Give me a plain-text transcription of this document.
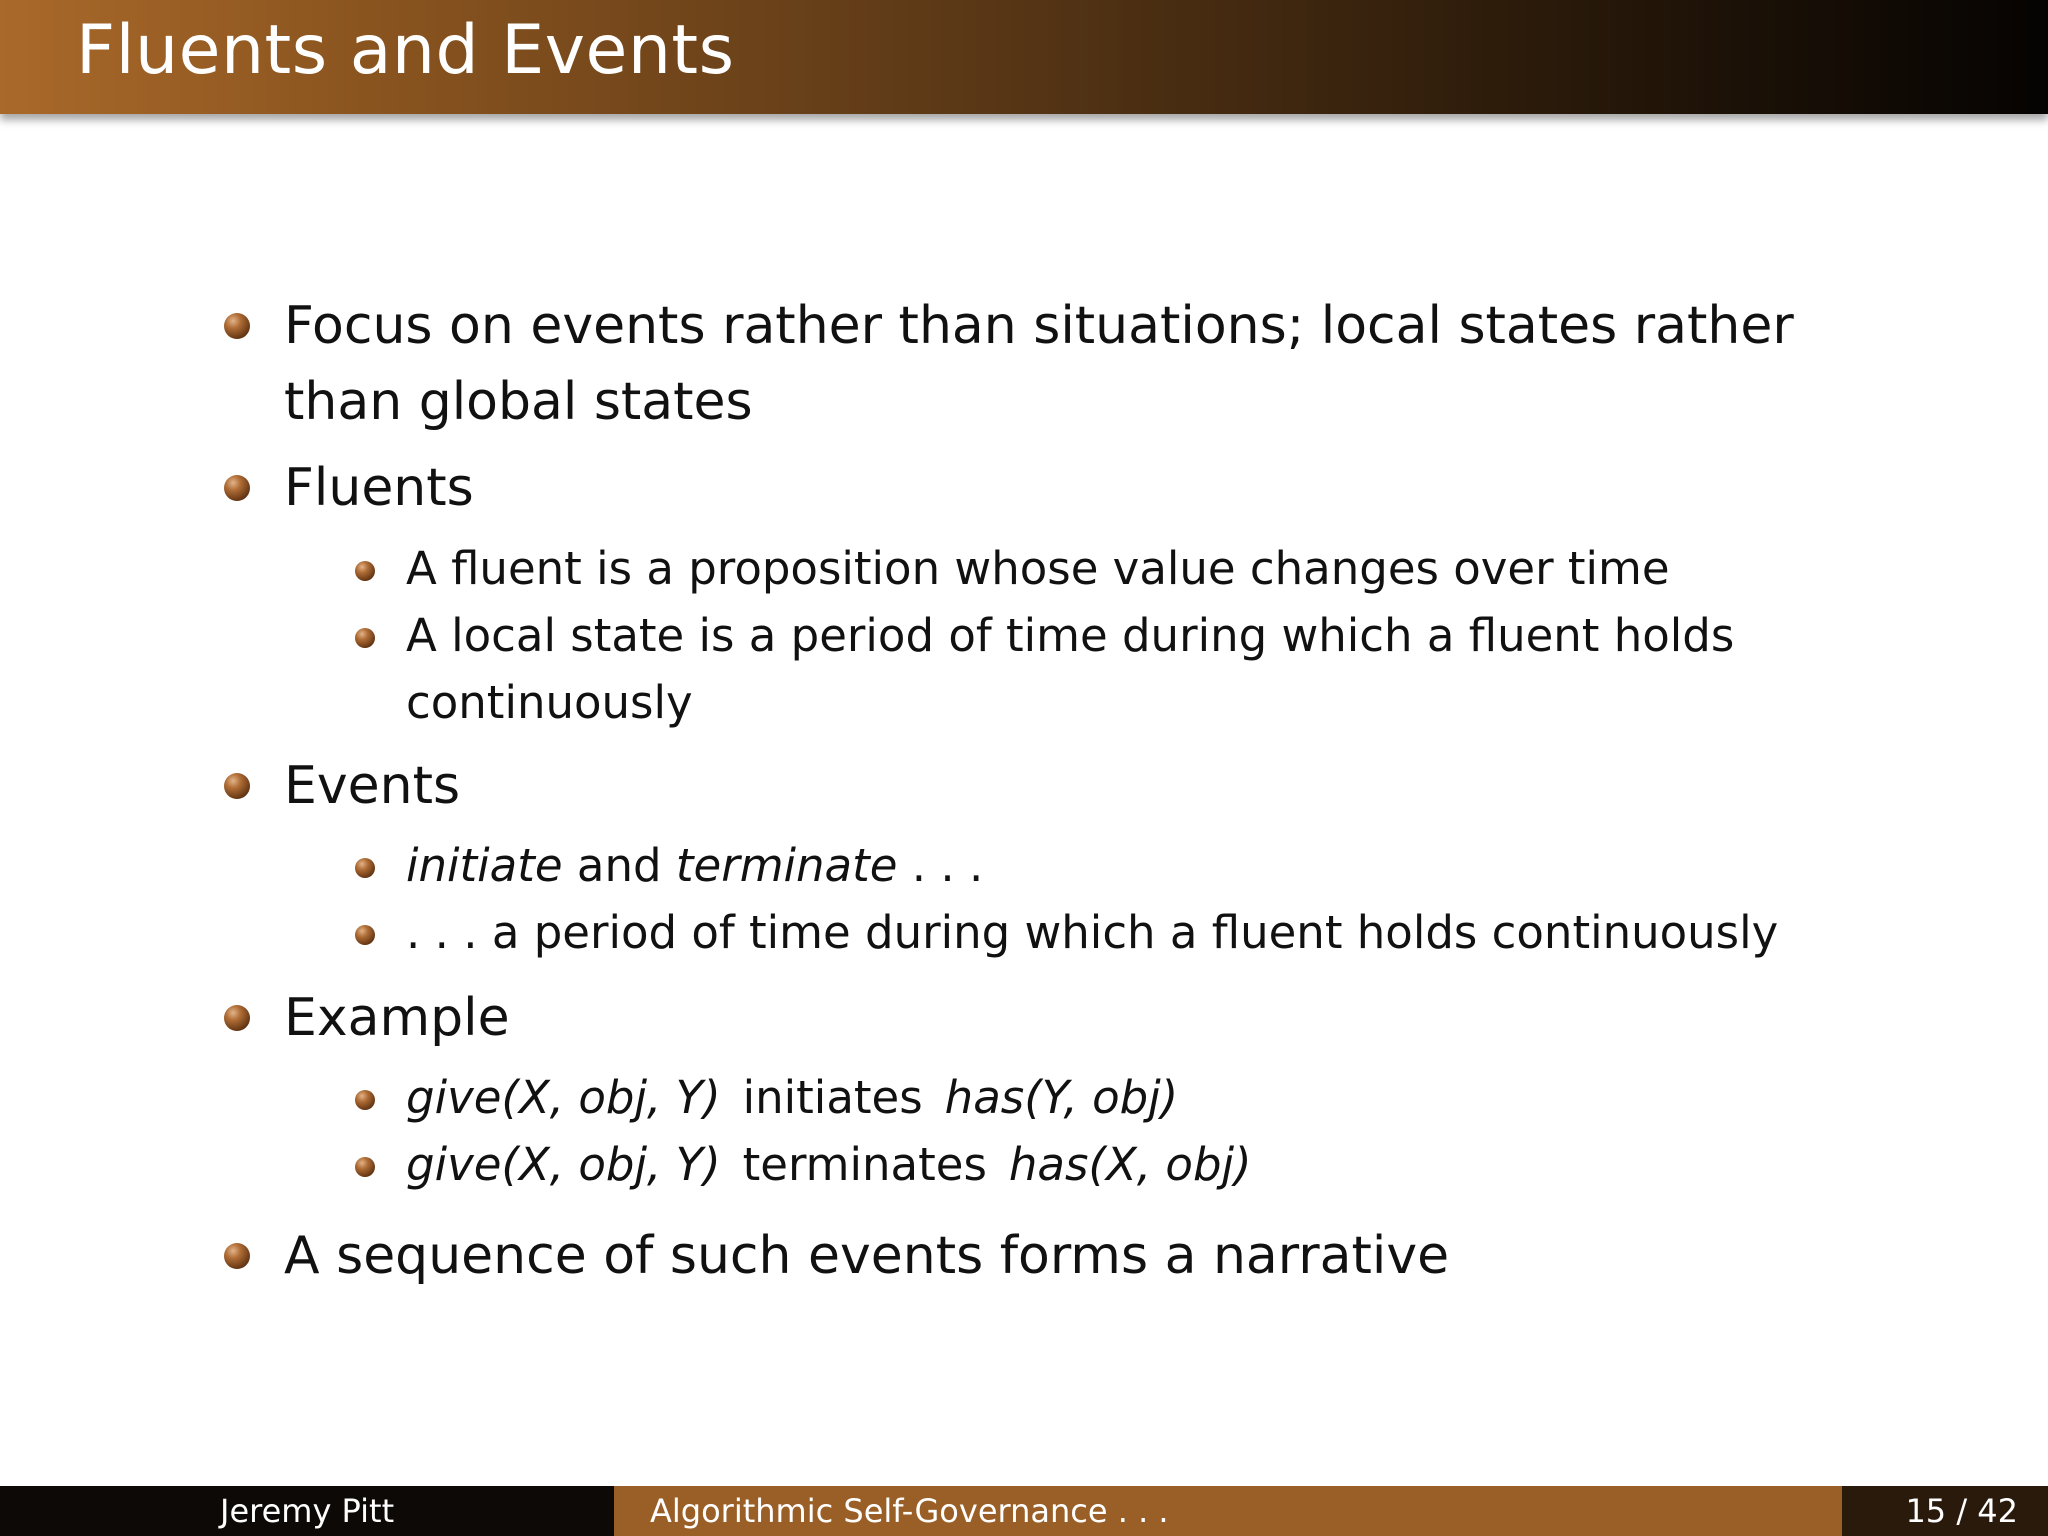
Fluents and Events
Focus on events rather than situations; local states rather
than global states
Fluents
A fluent is a proposition whose value changes over time
A local state is a period of time during which a fluent holds
continuously
Events
initiate and terminate . . .
. . . a period of time during which a fluent holds continuously
Example
give(X, obj, Y) initiates has(Y, obj)
give(X, obj, Y) terminates has(X, obj)
A sequence of such events forms a narrative
Jeremy Pitt	Algorithmic Self-Governance . . .	15 / 42
